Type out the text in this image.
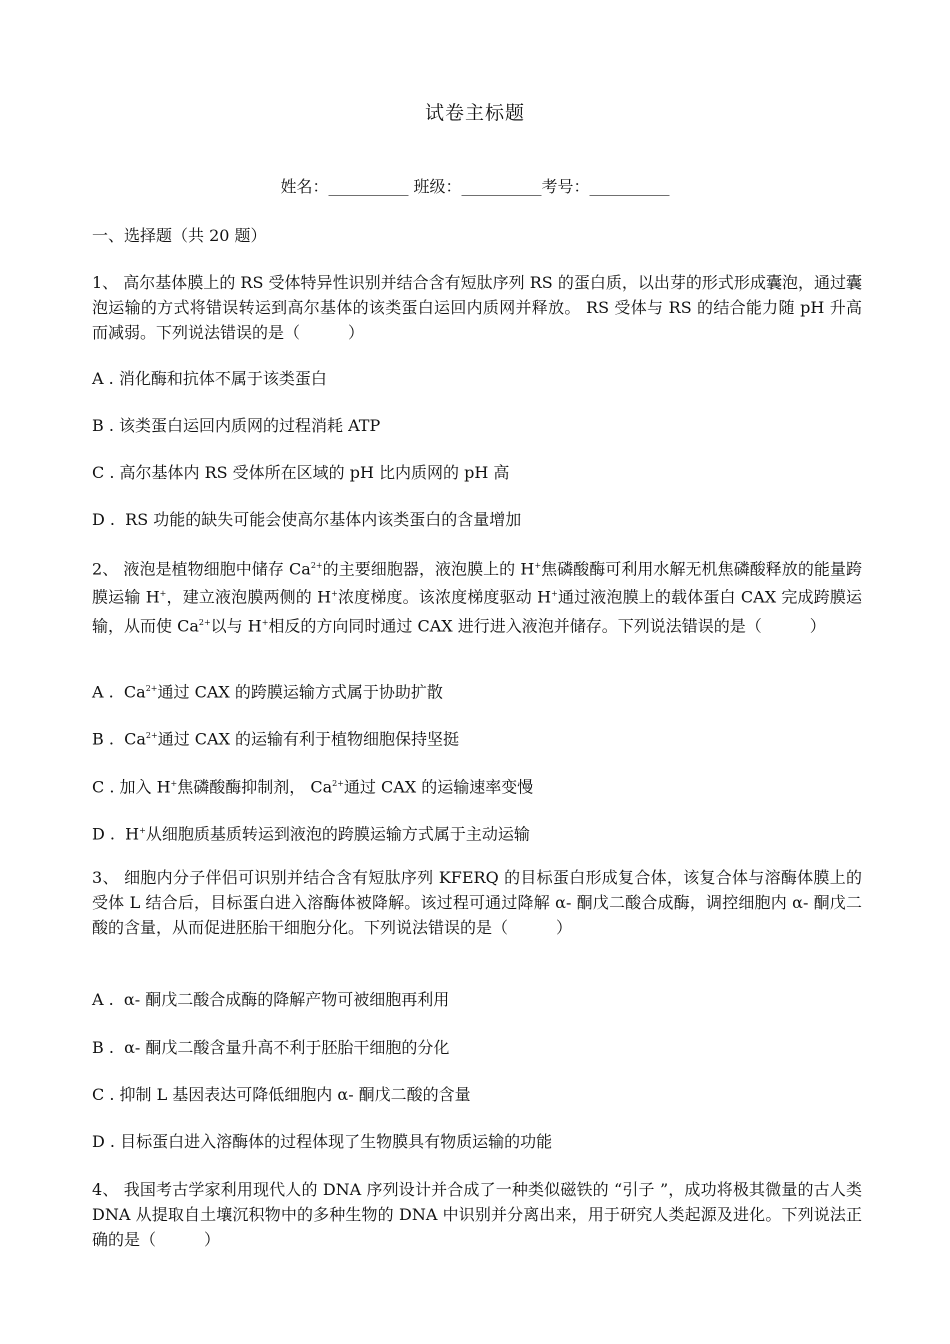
试卷主标题
姓名：__________ 班级：__________考号：__________
一、选择题（共 20 题）

1、 高尔基体膜上的 RS 受体特异性识别并结合含有短肽序列 RS 的蛋白质，以出芽的形式形成囊泡，通过囊泡运输的方式将错误转运到高尔基体的该类蛋白运回内质网并释放。 RS 受体与 RS 的结合能力随 pH 升高而减弱。下列说法错误的是（　　　）

A . 消化酶和抗体不属于该类蛋白
B . 该类蛋白运回内质网的过程消耗 ATP
C . 高尔基体内 RS 受体所在区域的 pH 比内质网的 pH 高
D .  RS 功能的缺失可能会使高尔基体内该类蛋白的含量增加

2、 液泡是植物细胞中储存 $Ca^{2+}$的主要细胞器，液泡膜上的 H+焦磷酸酶可利用水解无机焦磷酸释放的能量跨膜运输 H+，建立液泡膜两侧的 H+浓度梯度。该浓度梯度驱动 H+通过液泡膜上的载体蛋白 CAX 完成跨膜运输，从而使 $Ca^{2+}$以与 H+相反的方向同时通过 CAX 进行进入液泡并储存。下列说法错误的是（　　　）

A .  $Ca^{2+}$通过 CAX 的跨膜运输方式属于协助扩散
B .  $Ca^{2+}$通过 CAX 的运输有利于植物细胞保持坚挺
C . 加入 H+焦磷酸酶抑制剂， $Ca^{2+}$通过 CAX 的运输速率变慢
D .  H+从细胞质基质转运到液泡的跨膜运输方式属于主动运输

3、 细胞内分子伴侣可识别并结合含有短肽序列 KFERQ 的目标蛋白形成复合体，该复合体与溶酶体膜上的受体 L 结合后，目标蛋白进入溶酶体被降解。该过程可通过降解 α- 酮戊二酸合成酶，调控细胞内 α- 酮戊二酸的含量，从而促进胚胎干细胞分化。下列说法错误的是（　　　）

A .  α- 酮戊二酸合成酶的降解产物可被细胞再利用
B .  α- 酮戊二酸含量升高不利于胚胎干细胞的分化
C . 抑制 L 基因表达可降低细胞内 α- 酮戊二酸的含量
D . 目标蛋白进入溶酶体的过程体现了生物膜具有物质运输的功能

4、 我国考古学家利用现代人的 DNA 序列设计并合成了一种类似磁铁的 “引子 ”，成功将极其微量的古人类 DNA 从提取自土壤沉积物中的多种生物的 DNA 中识别并分离出来，用于研究人类起源及进化。下列说法正确的是（　　　）
